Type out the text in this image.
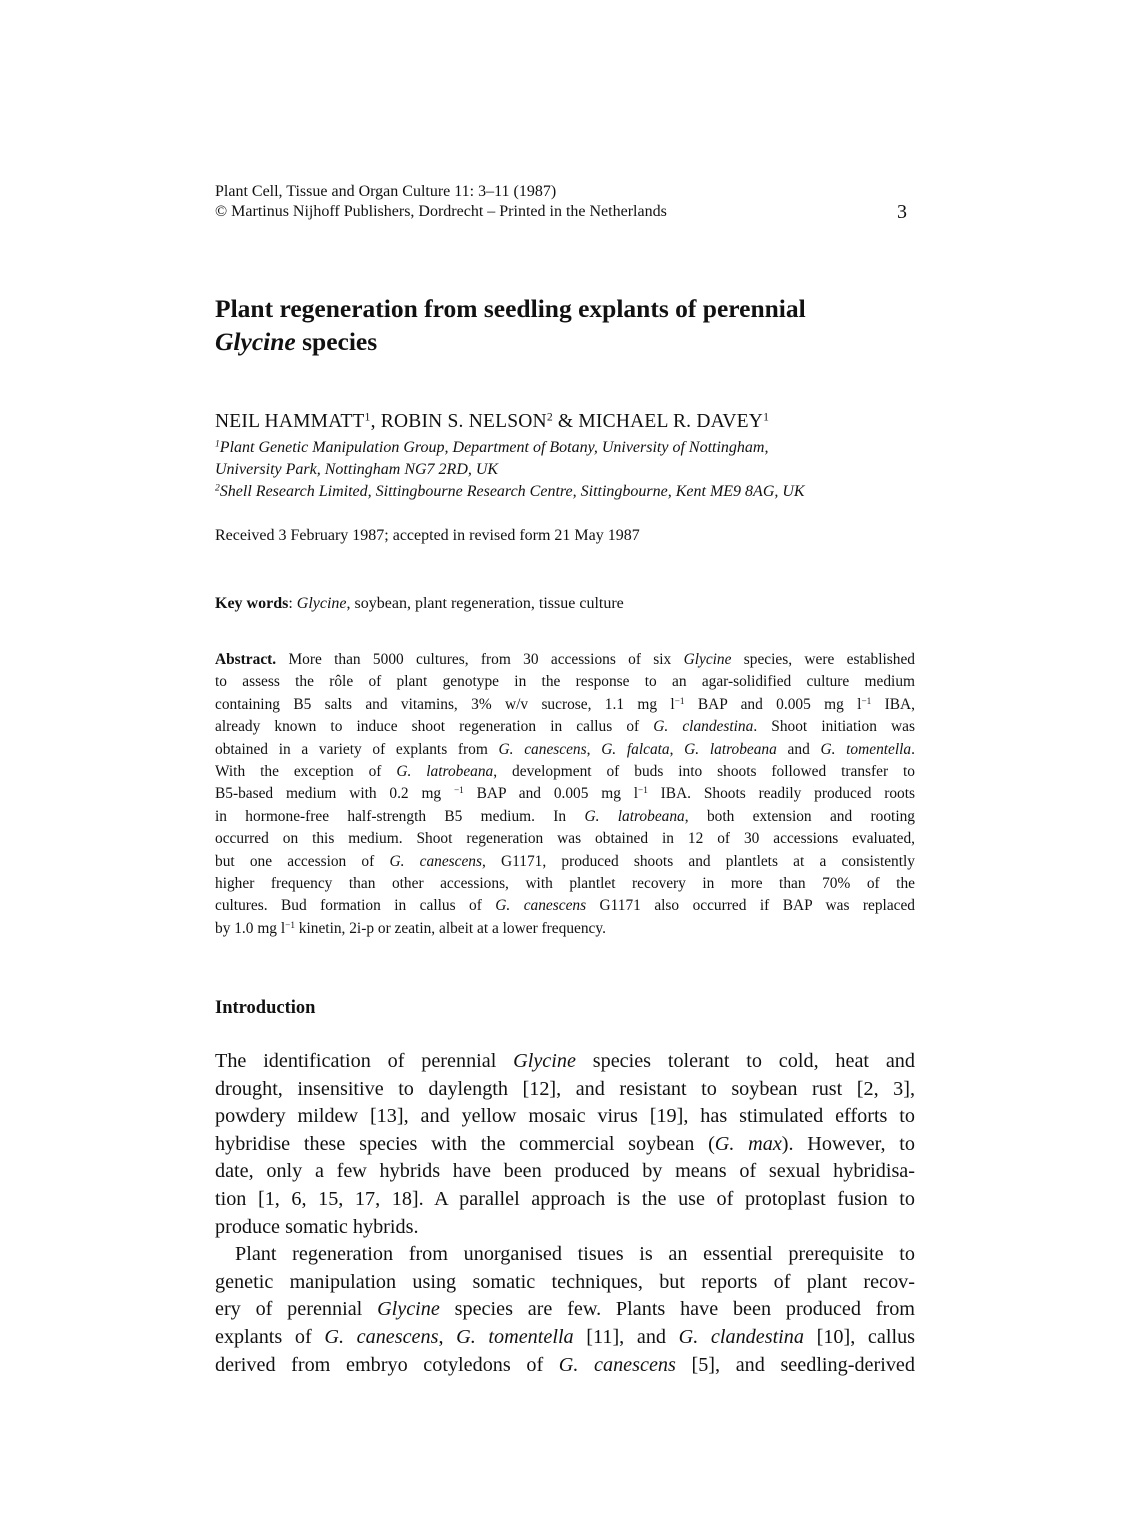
Plant Cell, Tissue and Organ Culture 11: 3–11 (1987)
© Martinus Nijhoff Publishers, Dordrecht – Printed in the Netherlands	3
Plant regeneration from seedling explants of perennial
Glycine species
NEIL HAMMATT$^1$, ROBIN S. NELSON$^2$ & MICHAEL R. DAVEY$^1$
$^1$Plant Genetic Manipulation Group, Department of Botany, University of Nottingham,
University Park, Nottingham NG7 2RD, UK
$^2$Shell Research Limited, Sittingbourne Research Centre, Sittingbourne, Kent ME9 8AG, UK
Received 3 February 1987; accepted in revised form 21 May 1987
Key words: Glycine, soybean, plant regeneration, tissue culture
Abstract. More than 5000 cultures, from 30 accessions of six Glycine species, were established
to assess the rôle of plant genotype in the response to an agar-solidified culture medium
containing B5 salts and vitamins, 3% w/v sucrose, 1.1 mg $l^{-1}$ BAP and 0.005 mg $l^{-1}$ IBA,
already known to induce shoot regeneration in callus of G. clandestina. Shoot initiation was
obtained in a variety of explants from G. canescens, G. falcata, G. latrobeana and G. tomentella.
With the exception of G. latrobeana, development of buds into shoots followed transfer to
B5-based medium with 0.2 mg $^{-1}$ BAP and 0.005 mg $l^{-1}$ IBA. Shoots readily produced roots
in hormone-free half-strength B5 medium. In G. latrobeana, both extension and rooting
occurred on this medium. Shoot regeneration was obtained in 12 of 30 accessions evaluated,
but one accession of G. canescens, G1171, produced shoots and plantlets at a consistently
higher frequency than other accessions, with plantlet recovery in more than 70% of the
cultures. Bud formation in callus of G. canescens G1171 also occurred if BAP was replaced
by 1.0 mg $l^{-1}$ kinetin, 2i-p or zeatin, albeit at a lower frequency.
Introduction
The identification of perennial Glycine species tolerant to cold, heat and
drought, insensitive to daylength [12], and resistant to soybean rust [2, 3],
powdery mildew [13], and yellow mosaic virus [19], has stimulated efforts to
hybridise these species with the commercial soybean (G. max). However, to
date, only a few hybrids have been produced by means of sexual hybridisa-
tion [1, 6, 15, 17, 18]. A parallel approach is the use of protoplast fusion to
produce somatic hybrids.
Plant regeneration from unorganised tisues is an essential prerequisite to
genetic manipulation using somatic techniques, but reports of plant recov-
ery of perennial Glycine species are few. Plants have been produced from
explants of G. canescens, G. tomentella [11], and G. clandestina [10], callus
derived from embryo cotyledons of G. canescens [5], and seedling-derived
